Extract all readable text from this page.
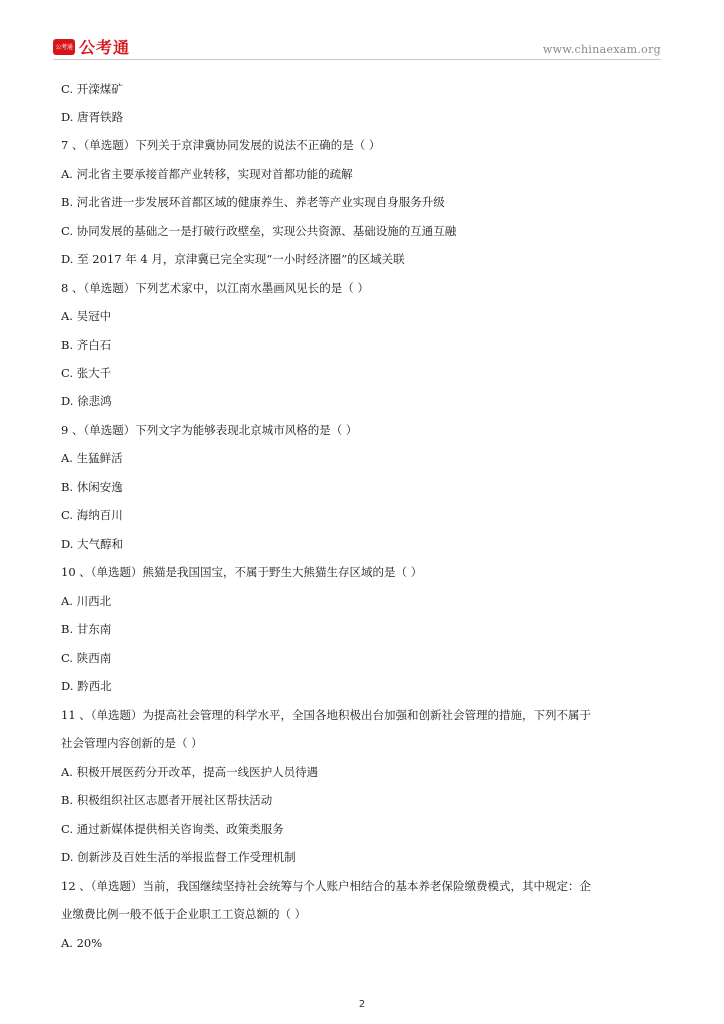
公考通 公考通	www.chinaexam.org

C. 开滦煤矿

D. 唐胥铁路

7 、（单选题）下列关于京津冀协同发展的说法不正确的是（ ）

A. 河北省主要承接首都产业转移，实现对首都功能的疏解

B. 河北省进一步发展环首都区域的健康养生、养老等产业实现自身服务升级

C. 协同发展的基础之一是打破行政壁垒，实现公共资源、基础设施的互通互融

D. 至 2017 年 4 月，京津冀已完全实现“一小时经济圈”的区域关联

8 、（单选题）下列艺术家中，以江南水墨画风见长的是（ ）

A. 吴冠中

B. 齐白石

C. 张大千

D. 徐悲鸿

9 、（单选题）下列文字为能够表现北京城市风格的是（ ）

A. 生猛鲜活

B. 休闲安逸

C. 海纳百川

D. 大气醇和

10 、（单选题）熊猫是我国国宝，不属于野生大熊猫生存区域的是（ ）

A. 川西北

B. 甘东南

C. 陕西南

D. 黔西北

11 、（单选题）为提高社会管理的科学水平，全国各地积极出台加强和创新社会管理的措施，下列不属于

社会管理内容创新的是（ ）

A. 积极开展医药分开改革，提高一线医护人员待遇

B. 积极组织社区志愿者开展社区帮扶活动

C. 通过新媒体提供相关咨询类、政策类服务

D. 创新涉及百姓生活的举报监督工作受理机制

12 、（单选题）当前，我国继续坚持社会统筹与个人账户相结合的基本养老保险缴费模式，其中规定：企

业缴费比例一般不低于企业职工工资总额的（ ）

A. 20%

2
